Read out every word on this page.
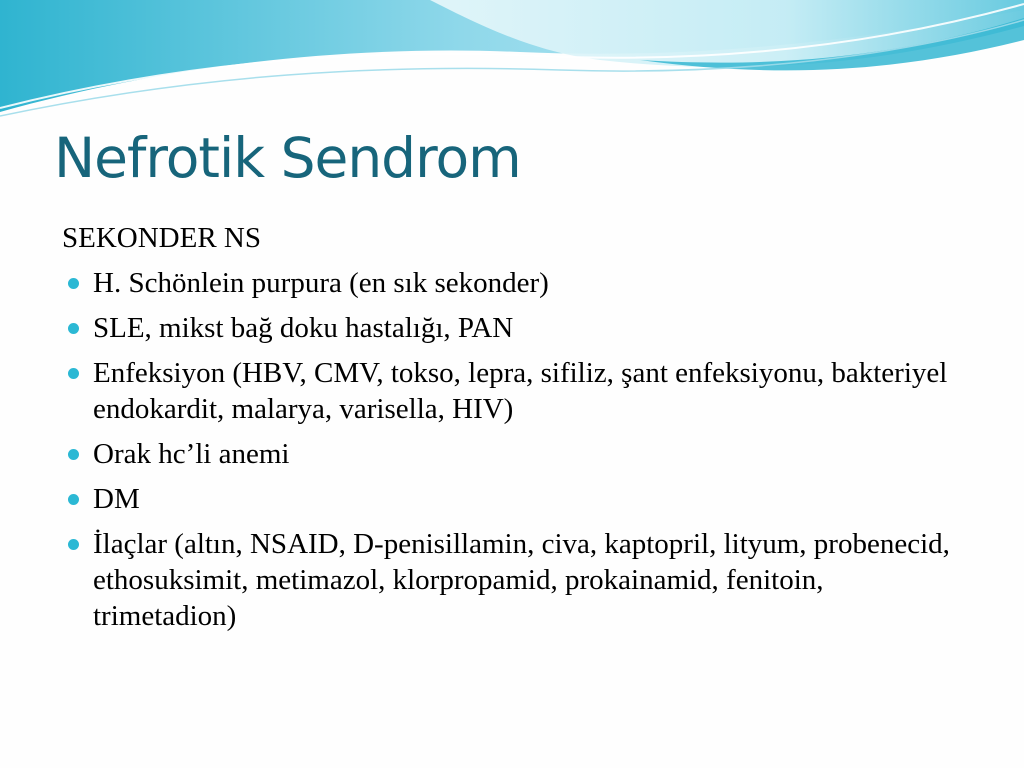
Nefrotik Sendrom
SEKONDER NS
H. Schönlein purpura (en sık sekonder)
SLE, mikst bağ doku hastalığı, PAN
Enfeksiyon (HBV, CMV, tokso, lepra, sifiliz, şant enfeksiyonu, bakteriyel endokardit, malarya, varisella, HIV)
Orak hc’li anemi
DM
İlaçlar (altın, NSAID, D-penisillamin, civa, kaptopril, lityum, probenecid, ethosuksimit, metimazol, klorpropamid, prokainamid, fenitoin, trimetadion)
